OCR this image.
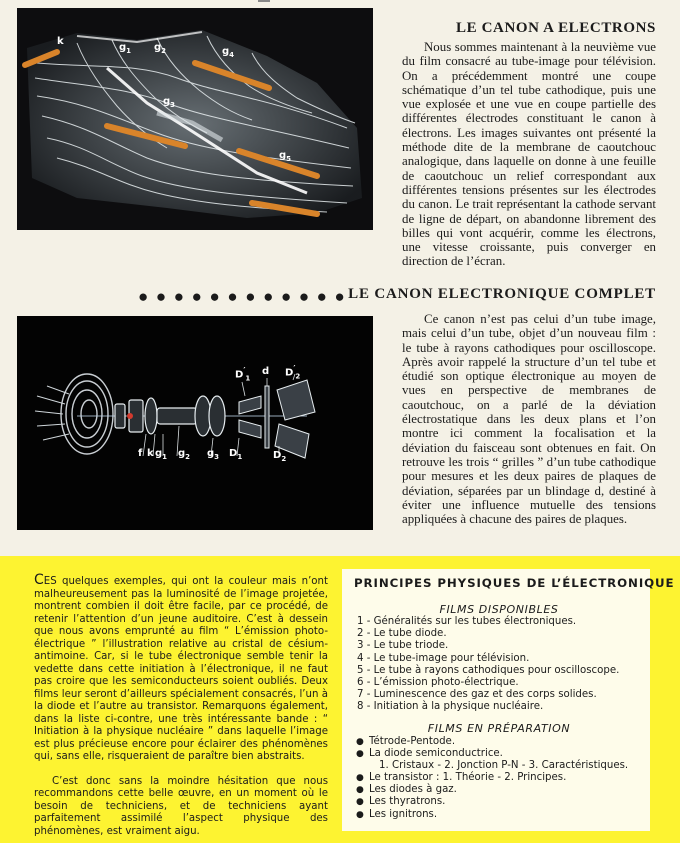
k
$g_1$ $g_2$
$g_3$
$g_4$
$g_5$
LE CANON A ELECTRONS
Nous sommes maintenant à la neuvième vue du film consacré au tube-image pour télévision. On a précédemment montré une coupe schématique d’un tel tube cathodique, puis une vue explosée et une vue en coupe partielle des différentes électrodes constituant le canon à électrons. Les images suivantes ont présenté la méthode dite de la membrane de caoutchouc analogique, dans laquelle on donne à une feuille de caoutchouc un relief correspondant aux différentes tensions présentes sur les électrodes du canon. Le trait représentant la cathode servant de ligne de départ, on abandonne librement des billes qui vont acquérir, comme les électrons, une vitesse croissante, puis converger en direction de l’écran.
●●●●●●●●●●●●
LE CANON ELECTRONIQUE COMPLET
f k $g_1$ $g_2$ $g_3$ $D_1$
$D'_1$
d $D'_2$
$D_2$
Ce canon n’est pas celui d’un tube image, mais celui d’un tube, objet d’un nouveau film : le tube à rayons cathodiques pour oscilloscope. Après avoir rappelé la structure d’un tel tube et étudié son optique électronique au moyen de vues en perspective de membranes de caoutchouc, on a parlé de la déviation électrostatique dans les deux plans et l’on montre ici comment la focalisation et la déviation du faisceau sont obtenues en fait. On retrouve les trois “ grilles ” d’un tube cathodique pour mesures et les deux paires de plaques de déviation, séparées par un blindage d, destiné à éviter une influence mutuelle des tensions appliquées à chacune des paires de plaques.

CES quelques exemples, qui ont la couleur mais n’ont malheureusement pas la luminosité de l’image projetée, montrent combien il doit être facile, par ce procédé, de retenir l’attention d’un jeune auditoire. C’est à dessein que nous avons emprunté au film “ L’émission photo-électrique ” l’illustration relative au cristal de césium-antimoine. Car, si le tube électronique semble tenir la vedette dans cette initiation à l’électronique, il ne faut pas croire que les semiconducteurs soient oubliés. Deux films leur seront d’ailleurs spécialement consacrés, l’un à la diode et l’autre au transistor. Remarquons également, dans la liste ci-contre, une très intéressante bande : “ Initiation à la physique nucléaire ” dans laquelle l’image est plus précieuse encore pour éclairer des phénomènes qui, sans elle, risqueraient de paraître bien abstraits.

C’est donc sans la moindre hésitation que nous recommandons cette belle œuvre, en un moment où le besoin de techniciens, et de techniciens ayant parfaitement assimilé l’aspect physique des phénomènes, est vraiment aigu.

PRINCIPES PHYSIQUES DE L’ÉLECTRONIQUE
FILMS DISPONIBLES
1 - Généralités sur les tubes électroniques.
2 - Le tube diode.
3 - Le tube triode.
4 - Le tube-image pour télévision.
5 - Le tube à rayons cathodiques pour oscilloscope.
6 - L’émission photo-électrique.
7 - Luminescence des gaz et des corps solides.
8 - Initiation à la physique nucléaire.
FILMS EN PRÉPARATION
● Tétrode-Pentode.
● La diode semiconductrice.
1. Cristaux - 2. Jonction P-N - 3. Caractéristiques.
● Le transistor : 1. Théorie - 2. Principes.
● Les diodes à gaz.
● Les thyratrons.
● Les ignitrons.
